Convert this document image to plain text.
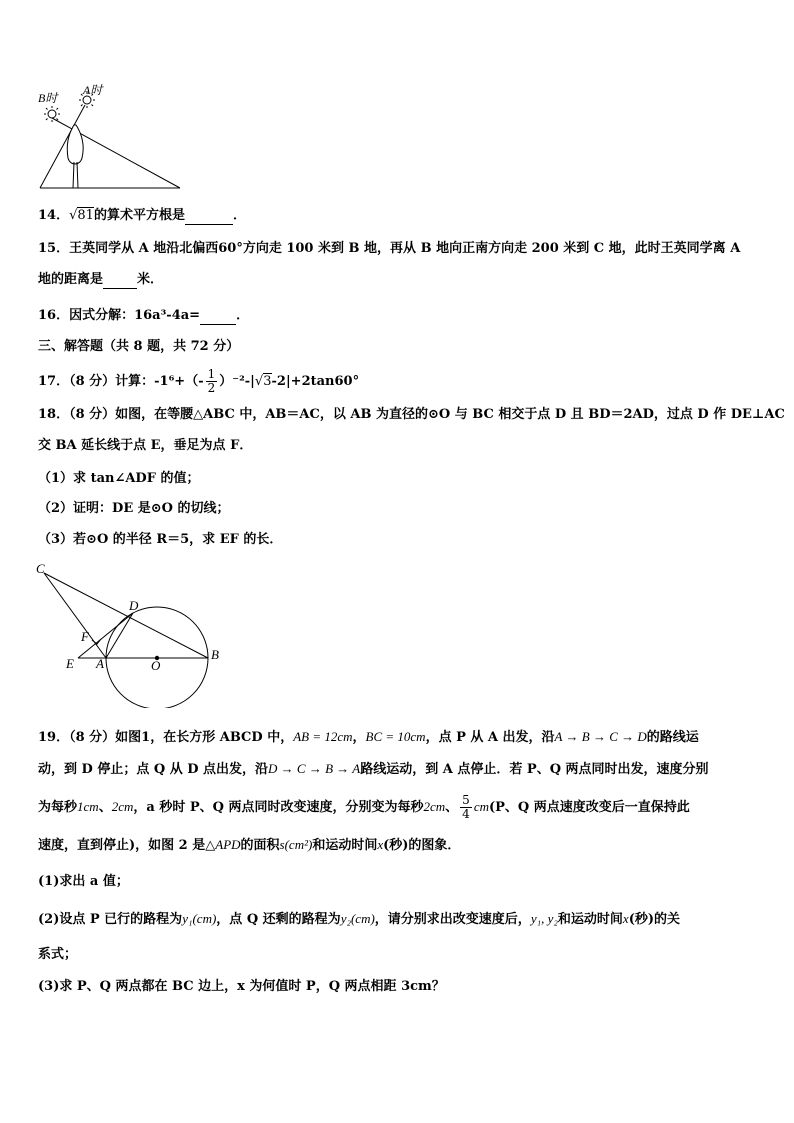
B时
A时
14．√81的算术平方根是	．
15．王英同学从 A 地沿北偏西60°方向走 100 米到 B 地，再从 B 地向正南方向走 200 米到 C 地，此时王英同学离 A
地的距离是	米．
16．因式分解：16a³-4a=	．
三、解答题（共 8 题，共 72 分）
17．（8 分）计算：$-1^6+(- \frac{1}{2} )^{-2}-|√3-2|+2\tan 60^\circ$
18．（8 分）如图，在等腰△ABC 中，AB＝AC，以 AB 为直径的⊙O 与 BC 相交于点 D 且 BD＝2AD，过点 D 作 DE⊥AC
交 BA 延长线于点 E，垂足为点 F．
（1）求 tan∠ADF 的值；
（2）证明：DE 是⊙O 的切线；
（3）若⊙O 的半径 R＝5，求 EF 的长．
C
D
F
E A	O
B
19．（8 分）如图1，在长方形 ABCD 中，AB = 12cm，BC = 10cm，点 P 从 A 出发，沿A → B → C → D的路线运
动，到 D 停止；点 Q 从 D 点出发，沿D → C → B → A路线运动，到 A 点停止．若 P、Q 两点同时出发，速度分别
为每秒1cm、2cm，a 秒时 P、Q 两点同时改变速度，分别变为每秒2cm、 $\frac{5}{4} cm(P$、Q 两点速度改变后一直保持此
速度，直到停止)，如图 2 是△APD的面积s(cm²)和运动时间x(秒)的图象．
(1)求出 a 值；
(2)设点 P 已行的路程为y₁(cm)，点 Q 还剩的路程为y₂(cm)，请分别求出改变速度后，y₁, y₂和运动时间x(秒)的关
系式；
(3)求 P、Q 两点都在 BC 边上，x 为何值时 P，Q 两点相距 3cm？
